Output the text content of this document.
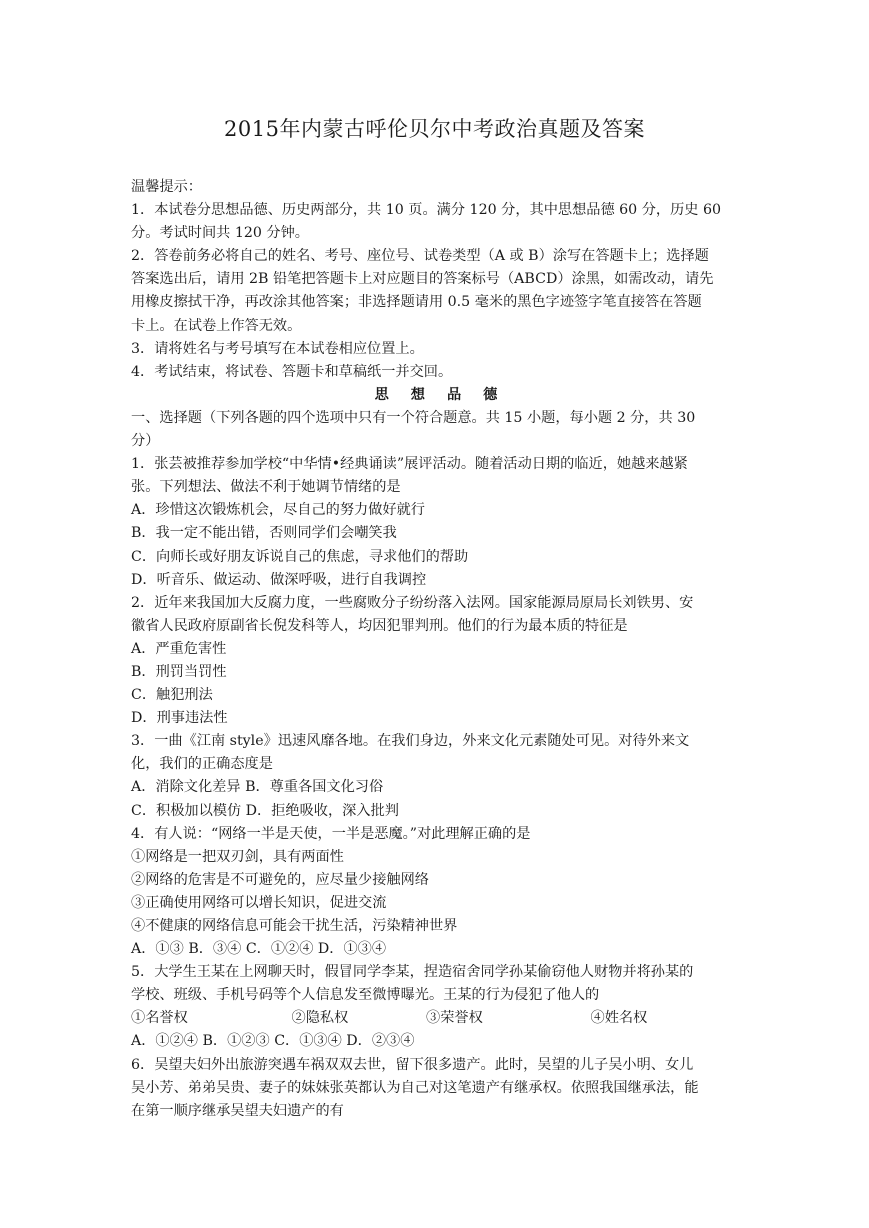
2015年内蒙古呼伦贝尔中考政治真题及答案
温馨提示：
1．本试卷分思想品德、历史两部分，共 10 页。满分 120 分，其中思想品德 60 分，历史 60
分。考试时间共 120 分钟。
2．答卷前务必将自己的姓名、考号、座位号、试卷类型（A 或 B）涂写在答题卡上；选择题
答案选出后，请用 2B 铅笔把答题卡上对应题目的答案标号（ABCD）涂黑，如需改动，请先
用橡皮擦拭干净，再改涂其他答案；非选择题请用 0.5 毫米的黑色字迹签字笔直接答在答题
卡上。在试卷上作答无效。
3．请将姓名与考号填写在本试卷相应位置上。
4．考试结束，将试卷、答题卡和草稿纸一并交回。
思想品德
一、选择题（下列各题的四个选项中只有一个符合题意。共 15 小题，每小题 2 分，共 30
分）
1．张芸被推荐参加学校“中华情•经典诵读”展评活动。随着活动日期的临近，她越来越紧
张。下列想法、做法不利于她调节情绪的是
A．珍惜这次锻炼机会，尽自己的努力做好就行
B．我一定不能出错，否则同学们会嘲笑我
C．向师长或好朋友诉说自己的焦虑，寻求他们的帮助
D．听音乐、做运动、做深呼吸，进行自我调控
2．近年来我国加大反腐力度，一些腐败分子纷纷落入法网。国家能源局原局长刘铁男、安
徽省人民政府原副省长倪发科等人，均因犯罪判刑。他们的行为最本质的特征是
A．严重危害性
B．刑罚当罚性
C．触犯刑法
D．刑事违法性
3．一曲《江南 style》迅速风靡各地。在我们身边，外来文化元素随处可见。对待外来文
化，我们的正确态度是
A．消除文化差异 B．尊重各国文化习俗
C．积极加以模仿 D．拒绝吸收，深入批判
4．有人说：“网络一半是天使，一半是恶魔。”对此理解正确的是
①网络是一把双刃剑，具有两面性
②网络的危害是不可避免的，应尽量少接触网络
③正确使用网络可以增长知识，促进交流
④不健康的网络信息可能会干扰生活，污染精神世界
A．①③ B．③④ C．①②④ D．①③④
5．大学生王某在上网聊天时，假冒同学李某，捏造宿舍同学孙某偷窃他人财物并将孙某的
学校、班级、手机号码等个人信息发至微博曝光。王某的行为侵犯了他人的
①名誉权	②隐私权	③荣誉权	④姓名权
A．①②④ B．①②③ C．①③④ D．②③④
6．吴望夫妇外出旅游突遇车祸双双去世，留下很多遗产。此时，吴望的儿子吴小明、女儿
吴小芳、弟弟吴贵、妻子的妹妹张英都认为自己对这笔遗产有继承权。依照我国继承法，能
在第一顺序继承吴望夫妇遗产的有
